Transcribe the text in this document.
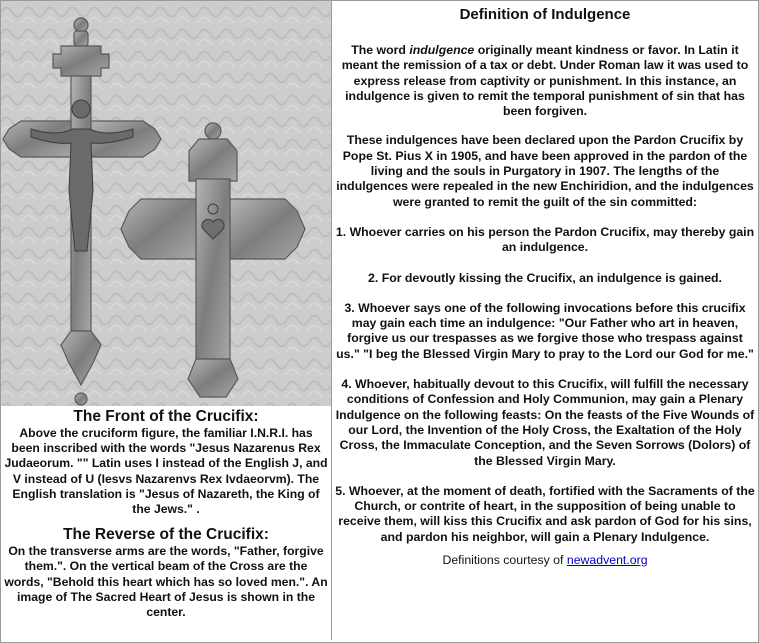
The Front of the Crucifix:

Above the cruciform figure, the familiar I.N.R.I. has been inscribed with the words "Jesus Nazarenus Rex Judaeorum. "" Latin uses I instead of the English J, and V instead of U (Iesvs Nazarenvs Rex Ivdaeorvm). The English translation is "Jesus of Nazareth, the King of the Jews." .

The Reverse of the Crucifix:

On the transverse arms are the words, "Father, forgive them.". On the vertical beam of the Cross are the words, "Behold this heart which has so loved men.". An image of The Sacred Heart of Jesus is shown in the center.

Definition of Indulgence

The word indulgence originally meant kindness or favor. In Latin it meant the remission of a tax or debt. Under Roman law it was used to express release from captivity or punishment. In this instance, an indulgence is given to remit the temporal punishment of sin that has been forgiven.

These indulgences have been declared upon the Pardon Crucifix by Pope St. Pius X in 1905, and have been approved in the pardon of the living and the souls in Purgatory in 1907. The lengths of the indulgences were repealed in the new Enchiridion, and the indulgences were granted to remit the guilt of the sin committed:

1. Whoever carries on his person the Pardon Crucifix, may thereby gain an indulgence.

2. For devoutly kissing the Crucifix, an indulgence is gained.

3. Whoever says one of the following invocations before this crucifix may gain each time an indulgence: "Our Father who art in heaven, forgive us our trespasses as we forgive those who trespass against us." "I beg the Blessed Virgin Mary to pray to the Lord our God for me."

4. Whoever, habitually devout to this Crucifix, will fulfill the necessary conditions of Confession and Holy Communion, may gain a Plenary Indulgence on the following feasts: On the feasts of the Five Wounds of our Lord, the Invention of the Holy Cross, the Exaltation of the Holy Cross, the Immaculate Conception, and the Seven Sorrows (Dolors) of the Blessed Virgin Mary.

5. Whoever, at the moment of death, fortified with the Sacraments of the Church, or contrite of heart, in the supposition of being unable to receive them, will kiss this Crucifix and ask pardon of God for his sins, and pardon his neighbor, will gain a Plenary Indulgence.

Definitions courtesy of newadvent.org
